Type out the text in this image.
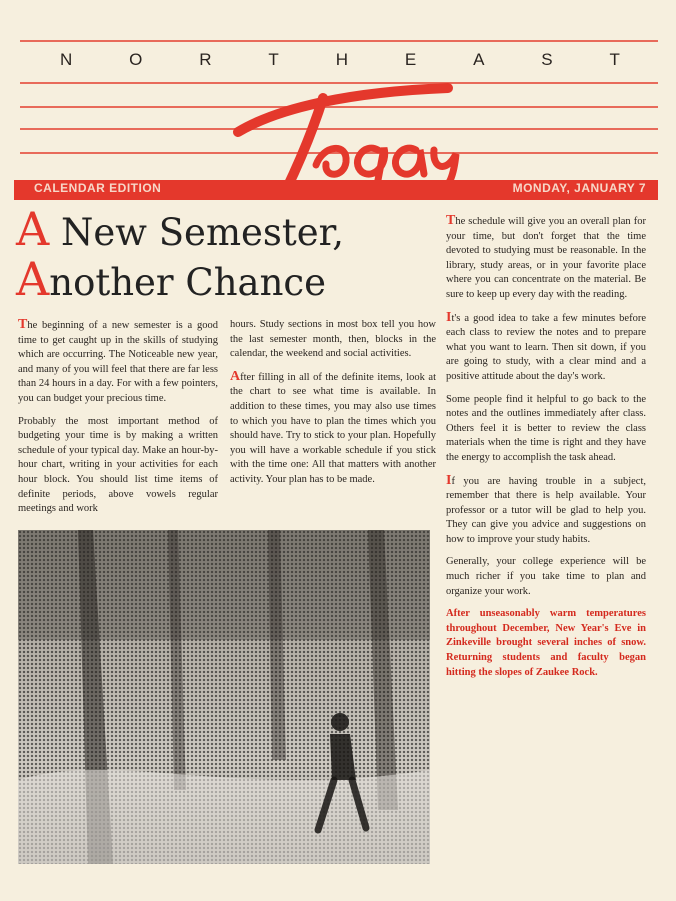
N	O	R	T	H	E	A	S	T
Today
CALENDAR EDITION	MONDAY, JANUARY 7
A New Semester,
Another Chance

The beginning of a new semester is a good time to get caught up in the skills of studying which are occurring. The Noticeable new year, and many of you will feel that there are far less than 24 hours in a day. For with a few pointers, you can budget your precious time.

Probably the most important method of budgeting your time is by making a written schedule of your typical day. Make an hour-by-hour chart, writing in your activities for each hour block. You should list time items of definite periods, above vowels regular meetings and work

hours. Study sections in most box tell you how the last semester month, then, blocks in the calendar, the weekend and social activities.

After filling in all of the definite items, look at the chart to see what time is available. In addition to these times, you may also use times to which you have to plan the times which you should have. Try to stick to your plan. Hopefully you will have a workable schedule if you stick with the time one: All that matters with another activity. Your plan has to be made.

The schedule will give you an overall plan for your time, but don't forget that the time devoted to studying must be reasonable. In the library, study areas, or in your favorite place where you can concentrate on the material. Be sure to keep up every day with the reading.

It's a good idea to take a few minutes before each class to review the notes and to prepare what you want to learn. Then sit down, if you are going to study, with a clear mind and a positive attitude about the day's work.

Some people find it helpful to go back to the notes and the outlines immediately after class. Others feel it is better to review the class materials when the time is right and they have the energy to accomplish the task ahead.

If you are having trouble in a subject, remember that there is help available. Your professor or a tutor will be glad to help you. They can give you advice and suggestions on how to improve your study habits.

Generally, your college experience will be much richer if you take time to plan and organize your work.

After unseasonably warm temperatures throughout December, New Year's Eve in Zinkeville brought several inches of snow. Returning students and faculty began hitting the slopes of Zaukee Rock.
